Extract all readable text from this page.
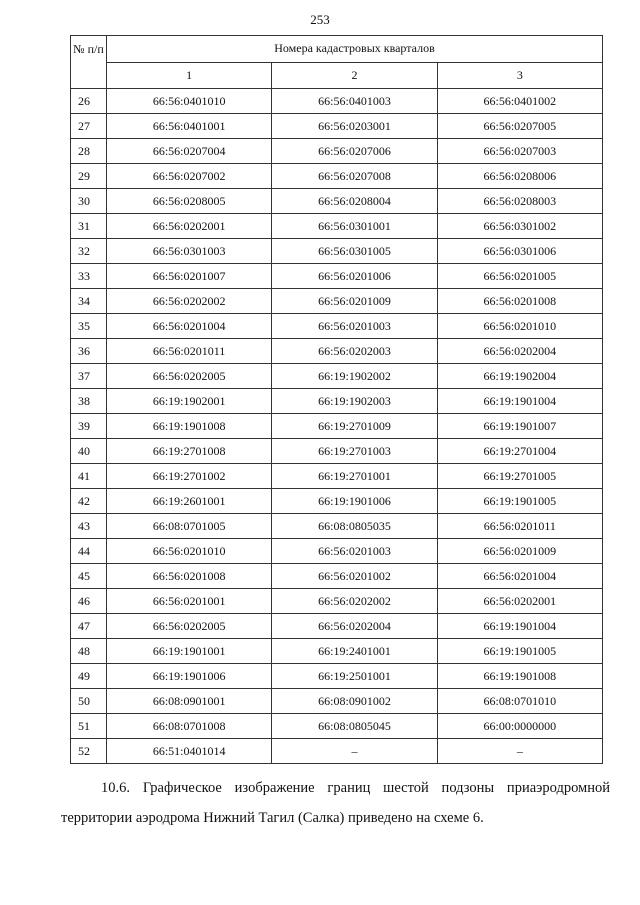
253
№ п/п	Номера кадастровых кварталов		
	1	2	3
26	66:56:0401010	66:56:0401003	66:56:0401002
27	66:56:0401001	66:56:0203001	66:56:0207005
28	66:56:0207004	66:56:0207006	66:56:0207003
29	66:56:0207002	66:56:0207008	66:56:0208006
30	66:56:0208005	66:56:0208004	66:56:0208003
31	66:56:0202001	66:56:0301001	66:56:0301002
32	66:56:0301003	66:56:0301005	66:56:0301006
33	66:56:0201007	66:56:0201006	66:56:0201005
34	66:56:0202002	66:56:0201009	66:56:0201008
35	66:56:0201004	66:56:0201003	66:56:0201010
36	66:56:0201011	66:56:0202003	66:56:0202004
37	66:56:0202005	66:19:1902002	66:19:1902004
38	66:19:1902001	66:19:1902003	66:19:1901004
39	66:19:1901008	66:19:2701009	66:19:1901007
40	66:19:2701008	66:19:2701003	66:19:2701004
41	66:19:2701002	66:19:2701001	66:19:2701005
42	66:19:2601001	66:19:1901006	66:19:1901005
43	66:08:0701005	66:08:0805035	66:56:0201011
44	66:56:0201010	66:56:0201003	66:56:0201009
45	66:56:0201008	66:56:0201002	66:56:0201004
46	66:56:0201001	66:56:0202002	66:56:0202001
47	66:56:0202005	66:56:0202004	66:19:1901004
48	66:19:1901001	66:19:2401001	66:19:1901005
49	66:19:1901006	66:19:2501001	66:19:1901008
50	66:08:0901001	66:08:0901002	66:08:0701010
51	66:08:0701008	66:08:0805045	66:00:0000000
52	66:51:0401014	–	–
10.6. Графическое изображение границ шестой подзоны приаэродромной
территории аэродрома Нижний Тагил (Салка) приведено на схеме 6.
